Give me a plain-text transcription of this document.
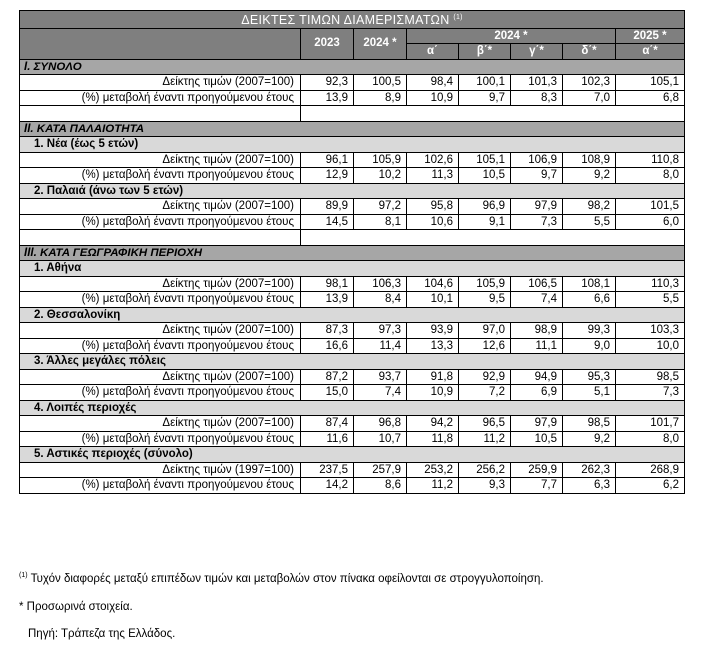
ΔΕΙΚΤΕΣ ΤΙΜΩΝ ΔΙΑΜΕΡΙΣΜΑΤΩΝ $^{(1)}$
	2023	2024 *	2024 *				2025 *
			α΄	β΄*	γ΄*	δ΄*	α΄*
I. ΣΥΝΟΛΟ							
Δείκτης τιμών (2007=100)	92,3	100,5	98,4	100,1	101,3	102,3	105,1
(%) μεταβολή έναντι προηγούμενου έτους	13,9	8,9	10,9	9,7	8,3	7,0	6,8

II. ΚΑΤΑ ΠΑΛΑΙΟΤΗΤΑ							
1. Νέα (έως 5 ετών)							
Δείκτης τιμών (2007=100)	96,1	105,9	102,6	105,1	106,9	108,9	110,8
(%) μεταβολή έναντι προηγούμενου έτους	12,9	10,2	11,3	10,5	9,7	9,2	8,0
2. Παλαιά (άνω των 5 ετών)							
Δείκτης τιμών (2007=100)	89,9	97,2	95,8	96,9	97,9	98,2	101,5
(%) μεταβολή έναντι προηγούμενου έτους	14,5	8,1	10,6	9,1	7,3	5,5	6,0

III. ΚΑΤΑ ΓΕΩΓΡΑΦΙΚΗ ΠΕΡΙΟΧΗ							
1. Αθήνα							
Δείκτης τιμών (2007=100)	98,1	106,3	104,6	105,9	106,5	108,1	110,3
(%) μεταβολή έναντι προηγούμενου έτους	13,9	8,4	10,1	9,5	7,4	6,6	5,5
2. Θεσσαλονίκη							
Δείκτης τιμών (2007=100)	87,3	97,3	93,9	97,0	98,9	99,3	103,3
(%) μεταβολή έναντι προηγούμενου έτους	16,6	11,4	13,3	12,6	11,1	9,0	10,0
3. Άλλες μεγάλες πόλεις							
Δείκτης τιμών (2007=100)	87,2	93,7	91,8	92,9	94,9	95,3	98,5
(%) μεταβολή έναντι προηγούμενου έτους	15,0	7,4	10,9	7,2	6,9	5,1	7,3
4. Λοιπές περιοχές							
Δείκτης τιμών (2007=100)	87,4	96,8	94,2	96,5	97,9	98,5	101,7
(%) μεταβολή έναντι προηγούμενου έτους	11,6	10,7	11,8	11,2	10,5	9,2	8,0
5. Αστικές περιοχές (σύνολο)							
Δείκτης τιμών (1997=100)	237,5	257,9	253,2	256,2	259,9	262,3	268,9
(%) μεταβολή έναντι προηγούμενου έτους	14,2	8,6	11,2	9,3	7,7	6,3	6,2
$^{(1)}$ Τυχόν διαφορές μεταξύ επιπέδων τιμών και μεταβολών στον πίνακα οφείλονται σε στρογγυλοποίηση.
* Προσωρινά στοιχεία.
Πηγή: Τράπεζα της Ελλάδος.
